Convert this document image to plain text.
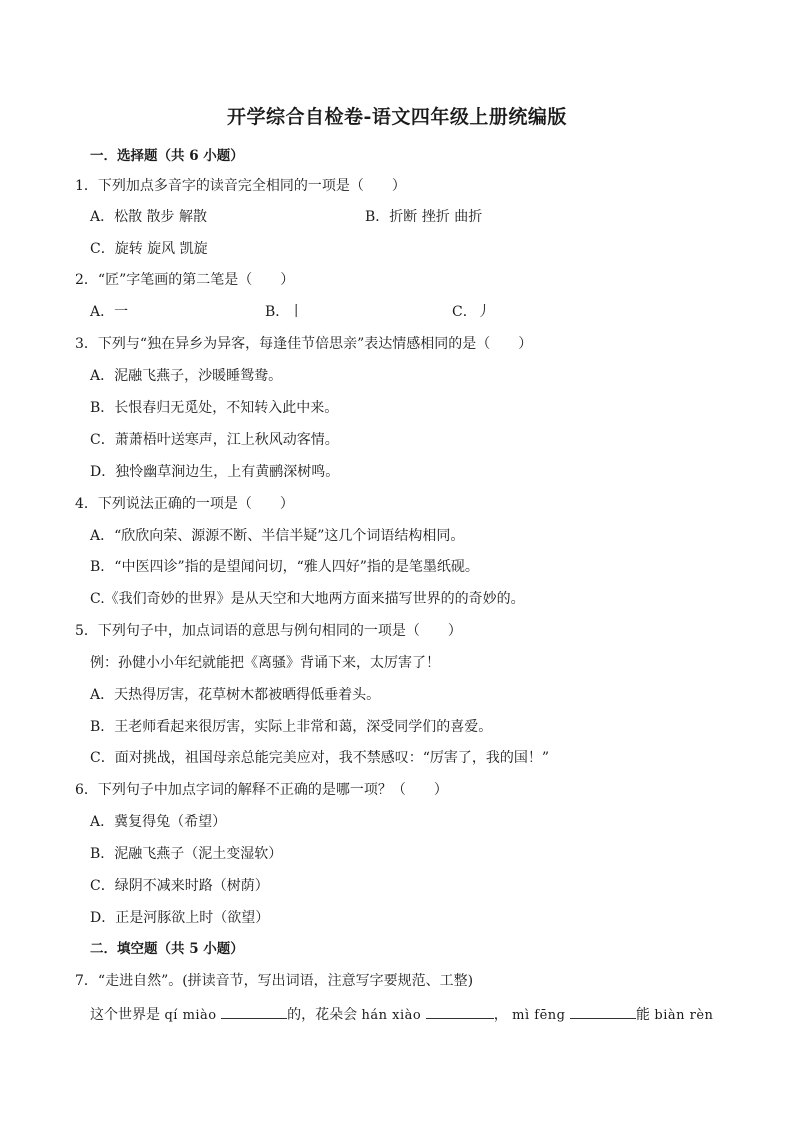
开学综合自检卷-语文四年级上册统编版
一．选择题（共 6 小题）
1．下列加点多音字的读音完全相同的一项是（　　）
A．松散 散步 解散	B．折断 挫折 曲折
C．旋转 旋风 凯旋
2．“匠”字笔画的第二笔是（　　）
A．一	B．丨	C．丿
3．下列与“独在异乡为异客，每逢佳节倍思亲”表达情感相同的是（　　）
A．泥融飞燕子，沙暖睡鸳鸯。
B．长恨春归无觅处，不知转入此中来。
C．萧萧梧叶送寒声，江上秋风动客情。
D．独怜幽草涧边生，上有黄鹂深树鸣。
4．下列说法正确的一项是（　　）
A．“欣欣向荣、源源不断、半信半疑”这几个词语结构相同。
B．“中医四诊”指的是望闻问切，“雅人四好”指的是笔墨纸砚。
C.《我们奇妙的世界》是从天空和大地两方面来描写世界的的奇妙的。
5．下列句子中，加点词语的意思与例句相同的一项是（　　）
例：孙健小小年纪就能把《离骚》背诵下来，太厉害了！
A．天热得厉害，花草树木都被晒得低垂着头。
B．王老师看起来很厉害，实际上非常和蔼，深受同学们的喜爱。
C．面对挑战，祖国母亲总能完美应对，我不禁感叹：“厉害了，我的国！”
6．下列句子中加点字词的解释不正确的是哪一项？（　　）
A．冀复得兔（希望）
B．泥融飞燕子（泥土变湿软）
C．绿阴不减来时路（树荫）
D．正是河豚欲上时（欲望）
二．填空题（共 5 小题）
7．“走进自然”。(拼读音节，写出词语，注意写字要规范、工整)
这个世界是 qí miào	的，花朵会 hán xiào	， mì fēng	能 biàn rèn
